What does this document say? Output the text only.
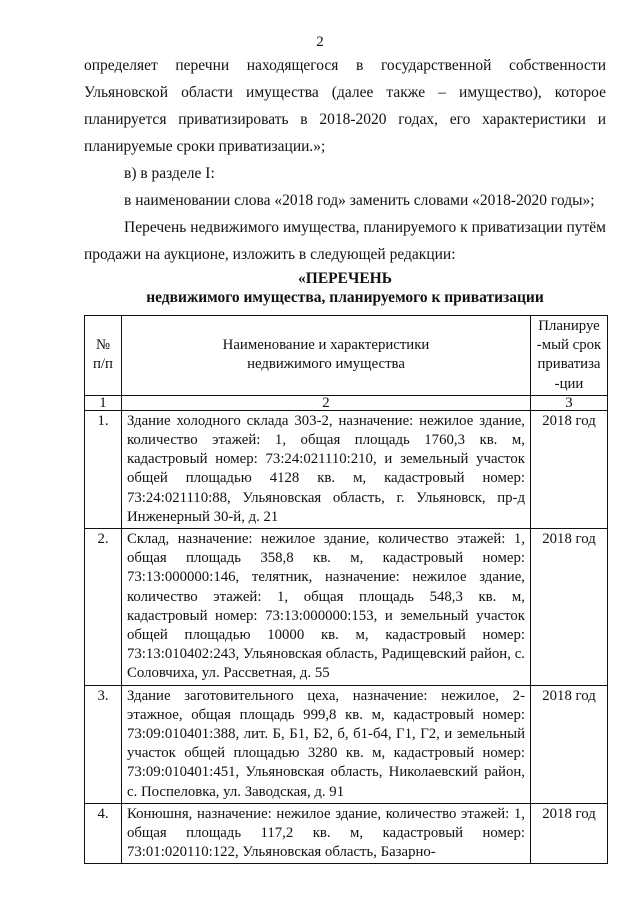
2
определяет перечни находящегося в государственной собственности Ульяновской области имущества (далее также – имущество), которое планируется приватизировать в 2018-2020 годах, его характеристики и планируемые сроки приватизации.»;
в) в разделе I:
в наименовании слова «2018 год» заменить словами «2018-2020 годы»;
Перечень недвижимого имущества, планируемого к приватизации путём продажи на аукционе, изложить в следующей редакции:
«ПЕРЕЧЕНЬ
недвижимого имущества, планируемого к приватизации
№ п/п	Наименование и характеристики недвижимого имущества	Планируе-мый срок приватиза-ции
1	2	3
1.	Здание холодного склада 303-2, назначение: нежилое здание, количество этажей: 1, общая площадь 1760,3 кв. м, кадастровый номер: 73:24:021110:210, и земельный участок общей площадью 4128 кв. м, кадастровый номер: 73:24:021110:88, Ульяновская область, г. Ульяновск, пр-д Инженерный 30-й, д. 21	2018 год
2.	Склад, назначение: нежилое здание, количество этажей: 1, общая площадь 358,8 кв. м, кадастровый номер: 73:13:000000:146, телятник, назначение: нежилое здание, количество этажей: 1, общая площадь 548,3 кв. м, кадастровый номер: 73:13:000000:153, и земельный участок общей площадью 10000 кв. м, кадастровый номер: 73:13:010402:243, Ульяновская область, Радищевский район, с. Соловчиха, ул. Рассветная, д. 55	2018 год
3.	Здание заготовительного цеха, назначение: нежилое, 2-этажное, общая площадь 999,8 кв. м, кадастровый номер: 73:09:010401:388, лит. Б, Б1, Б2, б, б1-б4, Г1, Г2, и земельный участок общей площадью 3280 кв. м, кадастровый номер: 73:09:010401:451, Ульяновская область, Николаевский район, с. Поспеловка, ул. Заводская, д. 91	2018 год
4.	Конюшня, назначение: нежилое здание, количество этажей: 1, общая площадь 117,2 кв. м, кадастровый номер: 73:01:020110:122, Ульяновская область, Базарно-	2018 год
